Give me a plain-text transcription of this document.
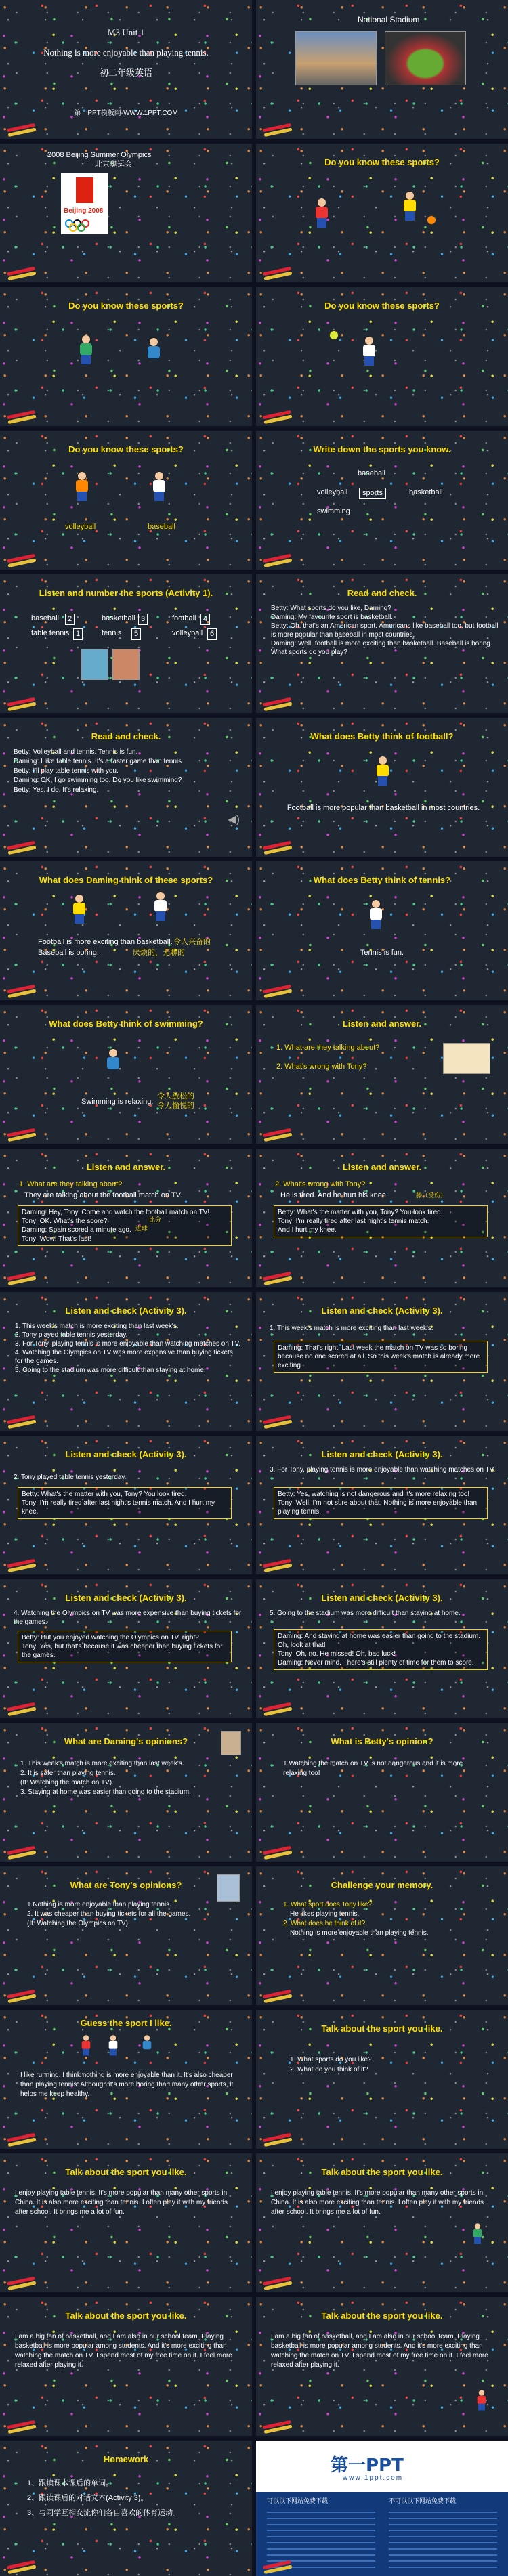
M3 Unit 1
Nothing is more enjoyable than playing tennis.
初二年级英语
第一PPT模板网-WWW.1PPT.COM
National Stadium
2008 Beijing Summer Olympics
北京奥运会
Beijing 2008
Do you know these sports?
Do you know these sports?	Do you know these sports?
Do you know these sports?
volleyball	baseball
Write down the sports you know.
baseball
volleyball	sports	basketball
swimming
Listen and number the sports (Activity 1).
baseball	2	basketball 3	football 4
table tennis 1	tennis	5	volleyball 6
Read and check.
Betty: What sports do you like, Daming?
Daming: My favourite sport is basketball.
Betty: Oh, that's an American sport. Americans like baseball too, but football is more popular than baseball in most countries.
Daming: Well, football is more exciting than basketball. Baseball is boring. What sports do you play?
Read and check.
Betty: Volleyball and tennis. Tennis is fun.
Daming: I like table tennis. It's a faster game than tennis.
Betty: I'll play table tennis with you.
Daming: OK, I go swimming too. Do you like swimming?
Betty: Yes, I do. It's relaxing.
◀)
What does Betty think of football?
Football is more popular than basketball in most countries.
What does Daming think of these sports?
Football is more exciting than basketball. 令人兴奋的
Baseball is boring.	厌烦的，无聊的
What does Betty think of tennis?
Tennis is fun.
What does Betty think of swimming?
Swimming is relaxing.
令人放松的
令人愉悦的
Listen and answer.
1. What are they talking about?
2. What's wrong with Tony?
Listen and answer.
1. What are they talking about?
They are talking about the football match on TV.
Daming: Hey, Tony. Come and watch the football match on TV!
Tony: OK. What's the score?
Daming: Spain scored a minute ago.
Tony: Wow! That's fast!
比分
进球
Listen and answer.
2. What's wrong with Tony?
He is tired. And he hurt his knee.	膝（受伤）
Betty: What's the matter with you, Tony? You look tired.
Tony: I'm really tired after last night's tennis match.
And I hurt my knee.
Listen and check (Activity 3).
1. This week's match is more exciting than last week's.
2. Tony played table tennis yesterday.
3. For Tony, playing tennis is more enjoyable than watching matches on TV.
4. Watching the Olympics on TV was more expensive than buying tickets for the games.
5. Going to the stadium was more difficult than staying at home.
Listen and check (Activity 3).
1. This week's match is more exciting than last week's.
Daming: That's right. Last week the match on TV was so boring because no one scored at all. So this week's match is already more exciting.
Listen and check (Activity 3).
2. Tony played table tennis yesterday.
Betty: What's the matter with you, Tony? You look tired.
Tony: I'm really tired after last night's tennis match. And I hurt my knee.
Listen and check (Activity 3).
3. For Tony, playing tennis is more enjoyable than watching matches on TV.
Betty: Yes, watching is not dangerous and it's more relaxing too!
Tony: Well, I'm not sure about that. Nothing is more enjoyable than playing tennis.
Listen and check (Activity 3).
4. Watching the Olympics on TV was more expensive than buying tickets for the games.
Betty: But you enjoyed watching the Olympics on TV, right?
Tony: Yes, but that's because it was cheaper than buying tickets for the games.
Listen and check (Activity 3).
5. Going to the stadium was more difficult than staying at home.
Daming: And staying at home was easier than going to the stadium. Oh, look at that!
Tony: Oh, no. He missed! Oh, bad luck!
Daming: Never mind. There's still plenty of time for them to score.
What are Daming's opinions?
1. This week's match is more exciting than last week's.
2. It is safer than playing tennis.
(It: Watching the match on TV)
3. Staying at home was easier than going to the stadium.
What is Betty's opinion?
1.Watching the match on TV is not dangerous and it is more relaxing too!
What are Tony's opinions?
1.Nothing is more enjoyable than playing tennis.
2. It was cheaper than buying tickets for all the games.
(It: Watching the Olympics on TV)
Challenge your memory.
1. What sport does Tony like?
He likes playing tennis.
2. What does he think of it?
Nothing is more enjoyable than playing tennis.
Guess the sport I like.
I like running. I think nothing is more enjoyable than it. It's also cheaper than playing tennis. Although it's more boring than many other sports, it helps me keep healthy.
Talk about the sport you like.
1. What sports do you like?
2. What do you think of it?
Talk about the sport you like.
I enjoy playing table tennis. It's more popular than many other sports in China. It is also more exciting than tennis. I often play it with my friends after school. It brings me a lot of fun.
Talk about the sport you like.
I enjoy playing table tennis. It's more popular than many other sports in China. It is also more exciting than tennis. I often play it with my friends after school. It brings me a lot of fun.
Talk about the sport you like.
I am a big fan of basketball, and I am also in our school team. Playing basketball is more popular among students. And it's more exciting than watching the match on TV. I spend most of my free time on it. I feel more relaxed after playing it.
Talk about the sport you like.
I am a big fan of basketball, and I am also in our school team. Playing basketball is more popular among students. And it's more exciting than watching the match on TV. I spend most of my free time on it. I feel more relaxed after playing it.
Homework
1、跟读课本课后的单词。
2、跟读课后的对话文本(Activity 3)。
3、与同学互相交流你们各自喜欢的体育运动。
第一PPT
www.1ppt.com
可以以下网站免费下载	不可以以下网站免费下载
